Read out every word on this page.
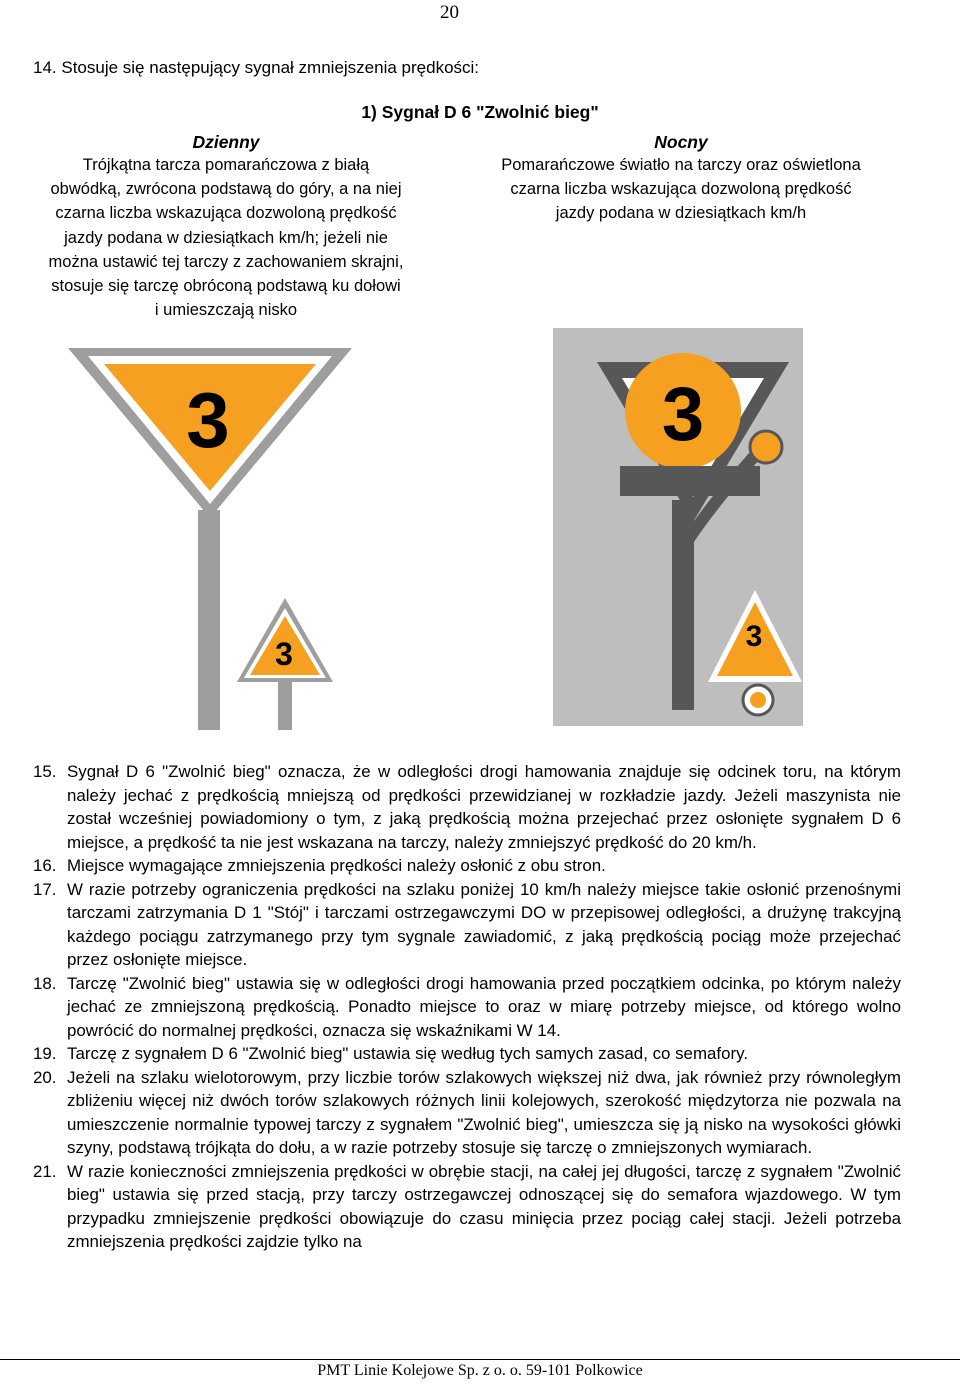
20
14. Stosuje się następujący sygnał zmniejszenia prędkości:
1) Sygnał D 6 "Zwolnić bieg"
Dzienny
Trójkątna tarcza pomarańczowa z białą
obwódką, zwrócona podstawą do góry, a na niej
czarna liczba wskazująca dozwoloną prędkość
jazdy podana w dziesiątkach km/h; jeżeli nie
można ustawić tej tarczy z zachowaniem skrajni,
stosuje się tarczę obróconą podstawą ku dołowi
i umieszczają nisko
Nocny
Pomarańczowe światło na tarczy oraz oświetlona
czarna liczba wskazująca dozwoloną prędkość
jazdy podana w dziesiątkach km/h
3
3
3
3
15. Sygnał D 6 "Zwolnić bieg" oznacza, że w odległości drogi hamowania znajduje się odcinek toru, na którym należy jechać z prędkością mniejszą od prędkości przewidzianej w rozkładzie jazdy. Jeżeli maszynista nie został wcześniej powiadomiony o tym, z jaką prędkością można przejechać przez osłonięte sygnałem D 6 miejsce, a prędkość ta nie jest wskazana na tarczy, należy zmniejszyć prędkość do 20 km/h.
16. Miejsce wymagające zmniejszenia prędkości należy osłonić z obu stron.
17. W razie potrzeby ograniczenia prędkości na szlaku poniżej 10 km/h należy miejsce takie osłonić przenośnymi tarczami zatrzymania D 1 "Stój" i tarczami ostrzegawczymi DO w przepisowej odległości, a drużynę trakcyjną każdego pociągu zatrzymanego przy tym sygnale zawiadomić, z jaką prędkością pociąg może przejechać przez osłonięte miejsce.
18. Tarczę "Zwolnić bieg" ustawia się w odległości drogi hamowania przed początkiem odcinka, po którym należy jechać ze zmniejszoną prędkością. Ponadto miejsce to oraz w miarę potrzeby miejsce, od którego wolno powrócić do normalnej prędkości, oznacza się wskaźnikami W 14.
19. Tarczę z sygnałem D 6 "Zwolnić bieg" ustawia się według tych samych zasad, co semafory.
20. Jeżeli na szlaku wielotorowym, przy liczbie torów szlakowych większej niż dwa, jak również przy równoległym zbliżeniu więcej niż dwóch torów szlakowych różnych linii kolejowych, szerokość międzytorza nie pozwala na umieszczenie normalnie typowej tarczy z sygnałem "Zwolnić bieg", umieszcza się ją nisko na wysokości główki szyny, podstawą trójkąta do dołu, a w razie potrzeby stosuje się tarczę o zmniejszonych wymiarach.
21. W razie konieczności zmniejszenia prędkości w obrębie stacji, na całej jej długości, tarczę z sygnałem "Zwolnić bieg" ustawia się przed stacją, przy tarczy ostrzegawczej odnoszącej się do semafora wjazdowego. W tym przypadku zmniejszenie prędkości obowiązuje do czasu minięcia przez pociąg całej stacji. Jeżeli potrzeba zmniejszenia prędkości zajdzie tylko na
PMT Linie Kolejowe Sp. z o. o. 59-101 Polkowice
